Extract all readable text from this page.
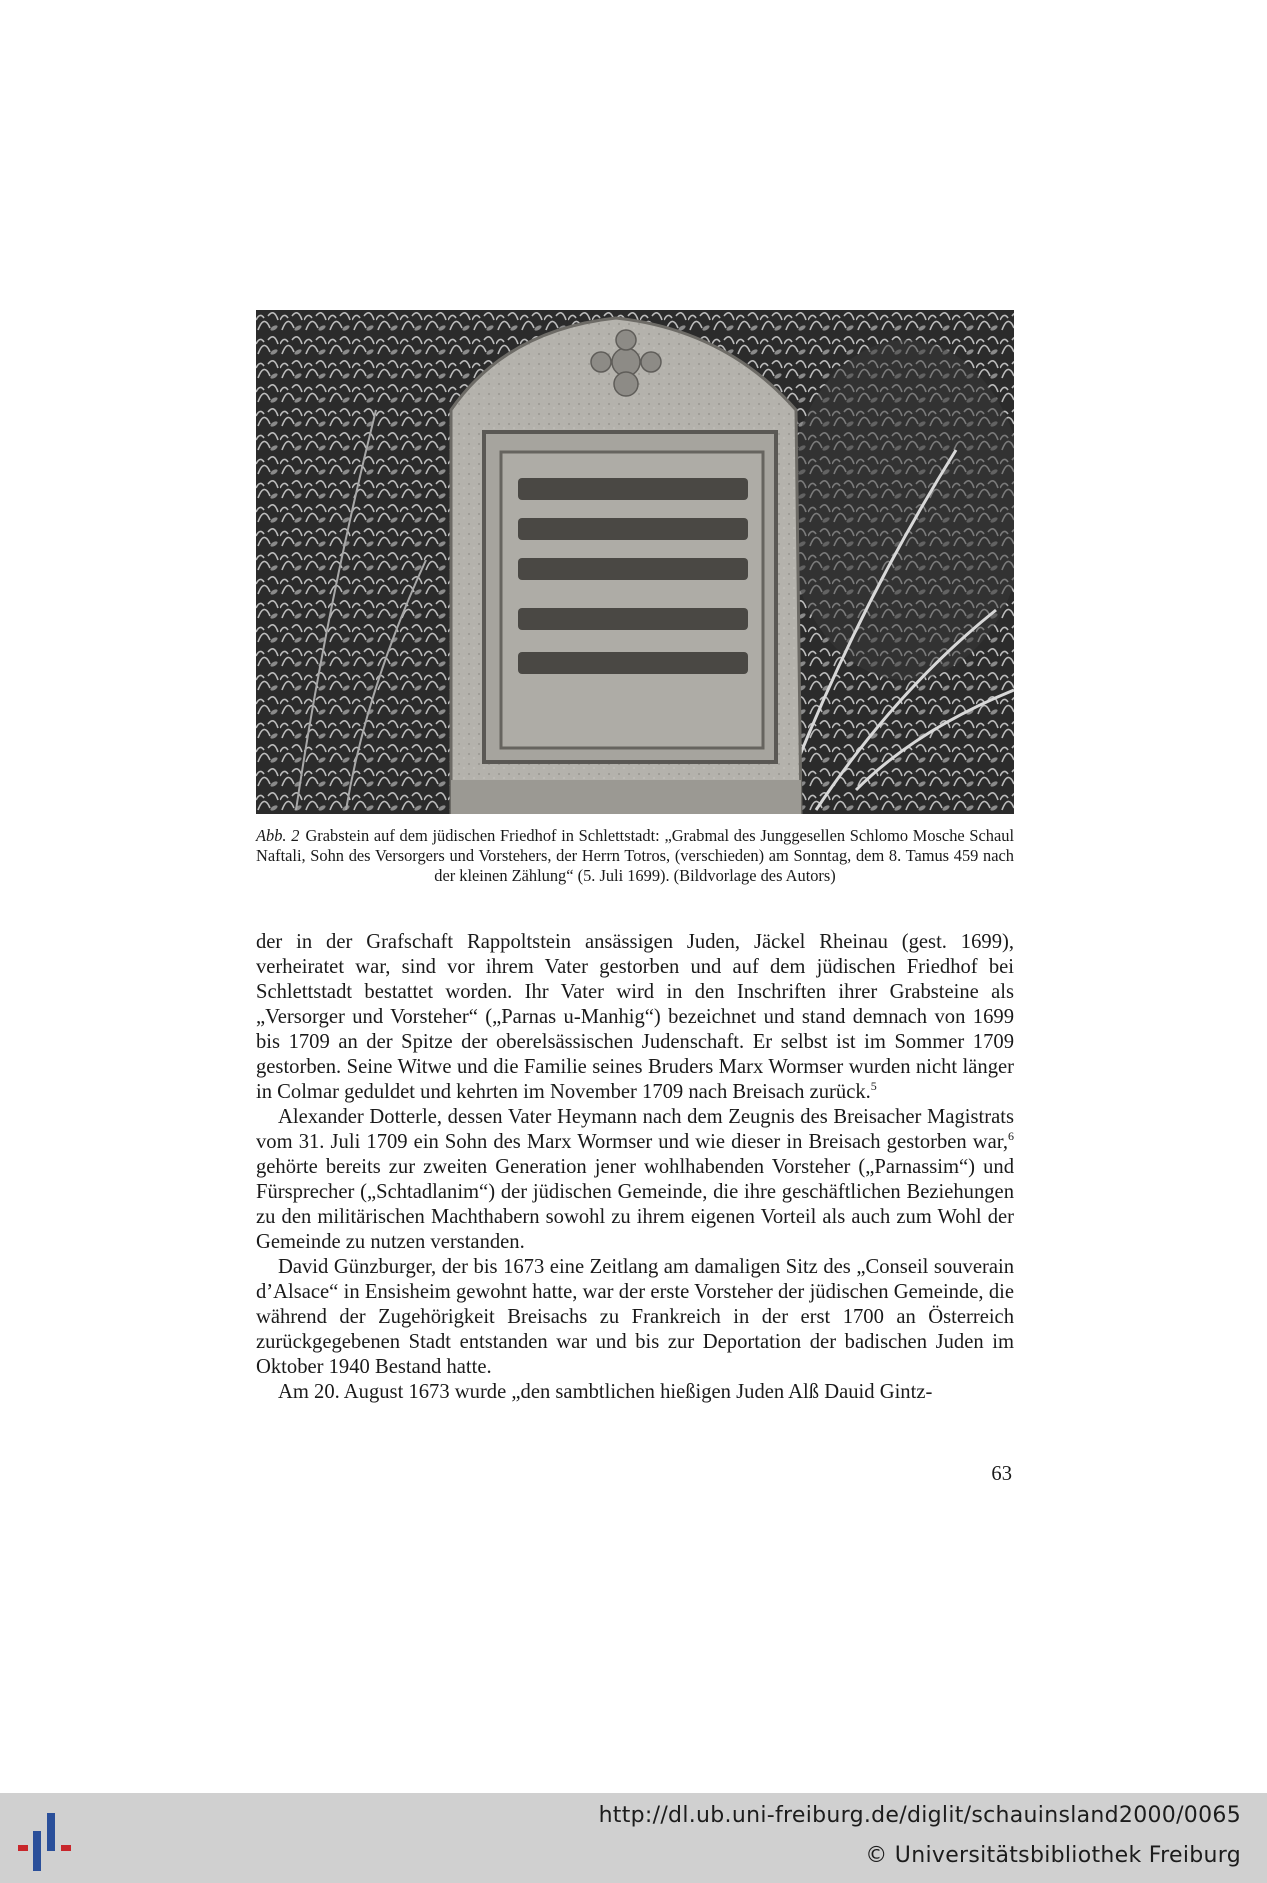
Abb. 2 Grabstein auf dem jüdischen Friedhof in Schlettstadt: „Grabmal des Junggesellen Schlomo Mosche Schaul Naftali, Sohn des Versorgers und Vorstehers, der Herrn Totros, (verschieden) am Sonntag, dem 8. Tamus 459 nach der kleinen Zählung“ (5. Juli 1699). (Bildvorlage des Autors)

der in der Grafschaft Rappoltstein ansässigen Juden, Jäckel Rheinau (gest. 1699), verheiratet war, sind vor ihrem Vater gestorben und auf dem jüdischen Friedhof bei Schlettstadt bestattet worden. Ihr Vater wird in den Inschriften ihrer Grabsteine als „Versorger und Vorsteher“ („Parnas u-Manhig“) bezeichnet und stand demnach von 1699 bis 1709 an der Spitze der oberelsässischen Judenschaft. Er selbst ist im Sommer 1709 gestorben. Seine Witwe und die Familie seines Bruders Marx Wormser wurden nicht länger in Colmar geduldet und kehrten im November 1709 nach Breisach zurück.$^5$

Alexander Dotterle, dessen Vater Heymann nach dem Zeugnis des Breisacher Magistrats vom 31. Juli 1709 ein Sohn des Marx Wormser und wie dieser in Breisach gestorben war,$^6$ gehörte bereits zur zweiten Generation jener wohlhabenden Vorsteher („Parnassim“) und Fürsprecher („Schtadlanim“) der jüdischen Gemeinde, die ihre geschäftlichen Beziehungen zu den militärischen Machthabern sowohl zu ihrem eigenen Vorteil als auch zum Wohl der Gemeinde zu nutzen verstanden.

David Günzburger, der bis 1673 eine Zeitlang am damaligen Sitz des „Conseil souverain d’Alsace“ in Ensisheim gewohnt hatte, war der erste Vorsteher der jüdischen Gemeinde, die während der Zugehörigkeit Breisachs zu Frankreich in der erst 1700 an Österreich zurückgegebenen Stadt entstanden war und bis zur Deportation der badischen Juden im Oktober 1940 Bestand hatte.

Am 20. August 1673 wurde „den sambtlichen hießigen Juden Alß Dauid Gintz-

63
http://dl.ub.uni-freiburg.de/diglit/schauinsland2000/0065
© Universitätsbibliothek Freiburg
